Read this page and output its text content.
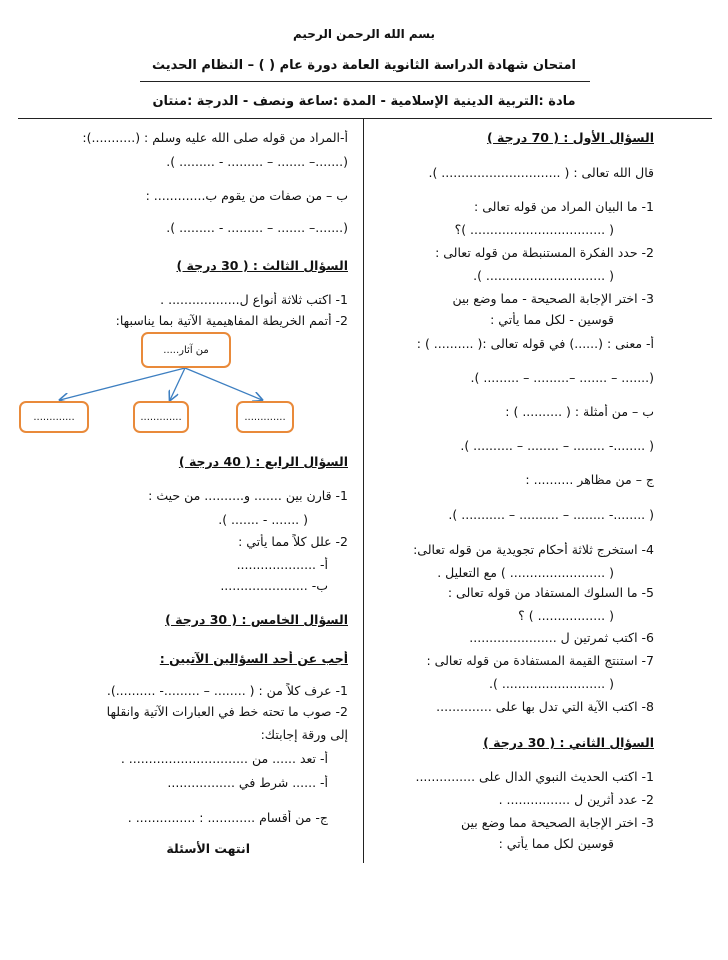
بسم الله الرحمن الرحيم
امتحان شهادة الدراسة الثانوية العامة دورة عام ( ) – النظام الحديث
مادة :التربية الدينية الإسلامية - المدة :ساعة ونصف - الدرجة :منتان
السؤال الأول : ( 70 درجة )
قال الله تعالى : ( .............................. ).
1- ما البيان المراد من قوله تعالى :
( .................................. )؟
2- حدد الفكرة المستنبطة من قوله تعالى :
( .............................. ).
3- اختر الإجابة الصحيحة - مما وضع بين
قوسين - لكل مما يأتي :
أ- معنى : (......) في قوله تعالى :( .......... ) :
(....... – ....... –......... – ......... ).
ب – من أمثلة : ( .......... ) :
( ........- ........ – ........ – .......... ).
ج – من مظاهر .......... :
( ........- ........ – .......... – ........... ).
4- استخرج ثلاثة أحكام تجويدية من قوله تعالى:
( ........................ ) مع التعليل .
5- ما السلوك المستفاد من قوله تعالى :
( ................. ) ؟
6- اكتب ثمرتين ل ......................
7- استنتج القيمة المستفادة من قوله تعالى :
( .......................... ).
8- اكتب الآية التي تدل بها على ..............
السؤال الثاني : ( 30 درجة )
1- اكتب الحديث النبوي الدال على ...............
2- عدد أثرين ل ................ .
3- اختر الإجابة الصحيحة مما وضع بين
قوسين لكل مما يأتي :
أ-المراد من قوله صلى الله عليه وسلم : (...........):
(.......– ....... – ......... - ......... ).
ب – من صفات من يقوم ب............. :
(.......– ....... – ......... - ......... ).
السؤال الثالث : ( 30 درجة )
1- اكتب ثلاثة أنواع ل.................. .
2- أتمم الخريطة المفاهيمية الآتية بما يناسبها:
من آثار.....
.............	.............	.............
السؤال الرابع : ( 40 درجة )
1- قارن بين ....... و.......... من حيث :
( ....... - ....... ).
2- علل كلاً مما يأتي :
أ- ....................
ب- ......................
السؤال الخامس : ( 30 درجة )
أجب عن أحد السؤالين الآتيين :
1- عرف كلاً من : ( ........ – .........- ..........).
2- صوب ما تحته خط في العبارات الآتية وانقلها
إلى ورقة إجابتك:
أ- تعد ...... من .............................. .
أ- ...... شرط في .................
ج- من أقسام ............ : ............... .
انتهت الأسئلة
